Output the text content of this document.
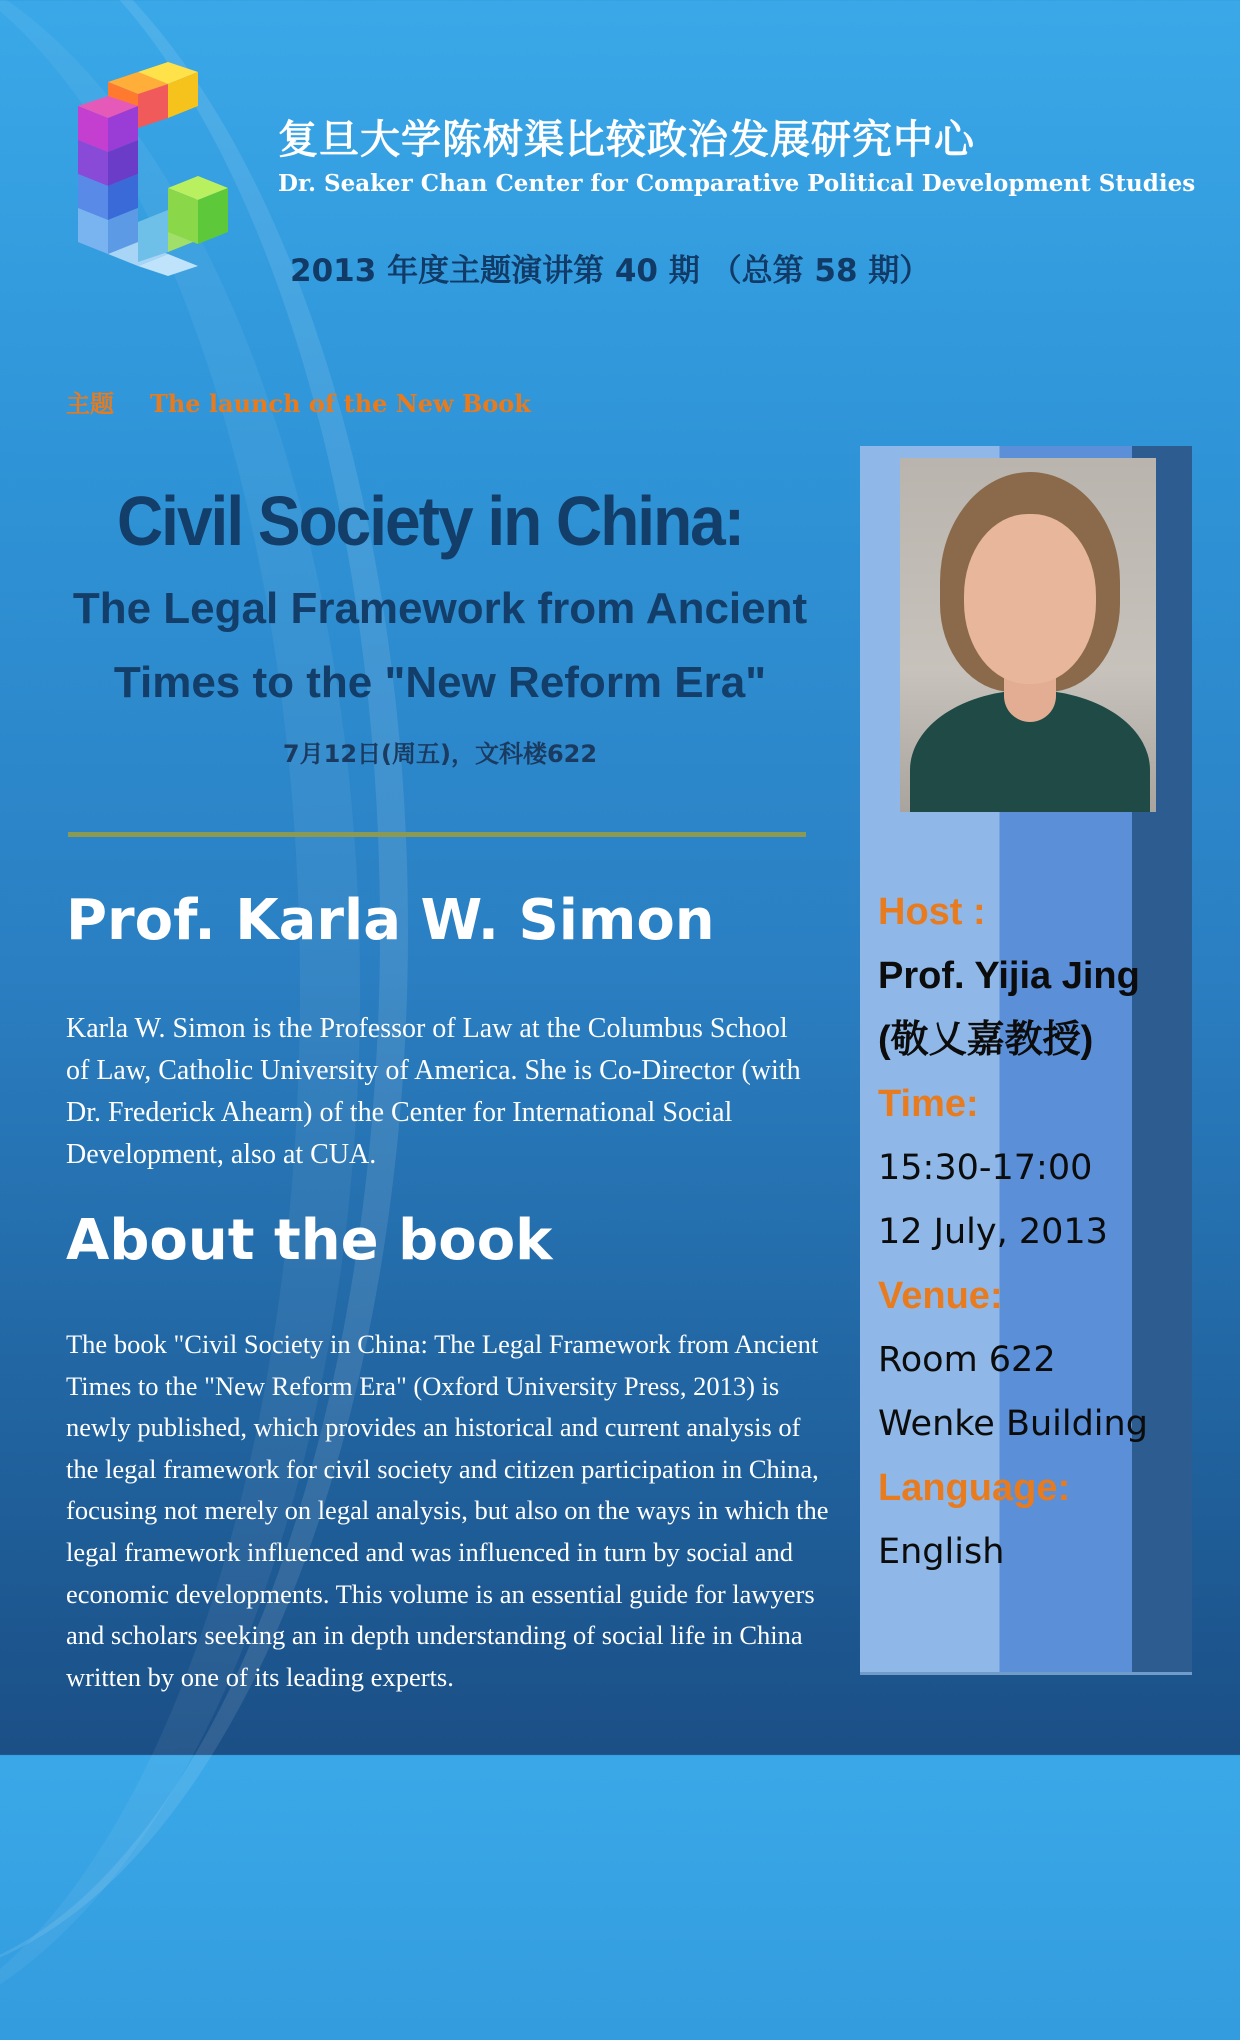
复旦大学陈树渠比较政治发展研究中心
Dr. Seaker Chan Center for Comparative Political Development Studies
2013 年度主题演讲第 40 期 （总第 58 期）
主题 The launch of the New Book
Civil Society in China:
The Legal Framework from Ancient
Times to the "New Reform Era"
7月12日(周五)，文科楼622
Prof. Karla W. Simon
Karla W. Simon is the Professor of Law at the Columbus School of Law, Catholic University of America. She is Co-Director (with Dr. Frederick Ahearn) of the Center for International Social Development, also at CUA.
About the book
The book "Civil Society in China: The Legal Framework from Ancient Times to the "New Reform Era" (Oxford University Press, 2013) is newly published, which provides an historical and current analysis of the legal framework for civil society and citizen participation in China, focusing not merely on legal analysis, but also on the ways in which the legal framework influenced and was influenced in turn by social and economic developments. This volume is an essential guide for lawyers and scholars seeking an in depth understanding of social life in China written by one of its leading experts.
Host :
Prof. Yijia Jing
(敬乂嘉教授)
Time:
15:30-17:00
12 July, 2013
Venue:
Room 622
Wenke Building
Language:
English
